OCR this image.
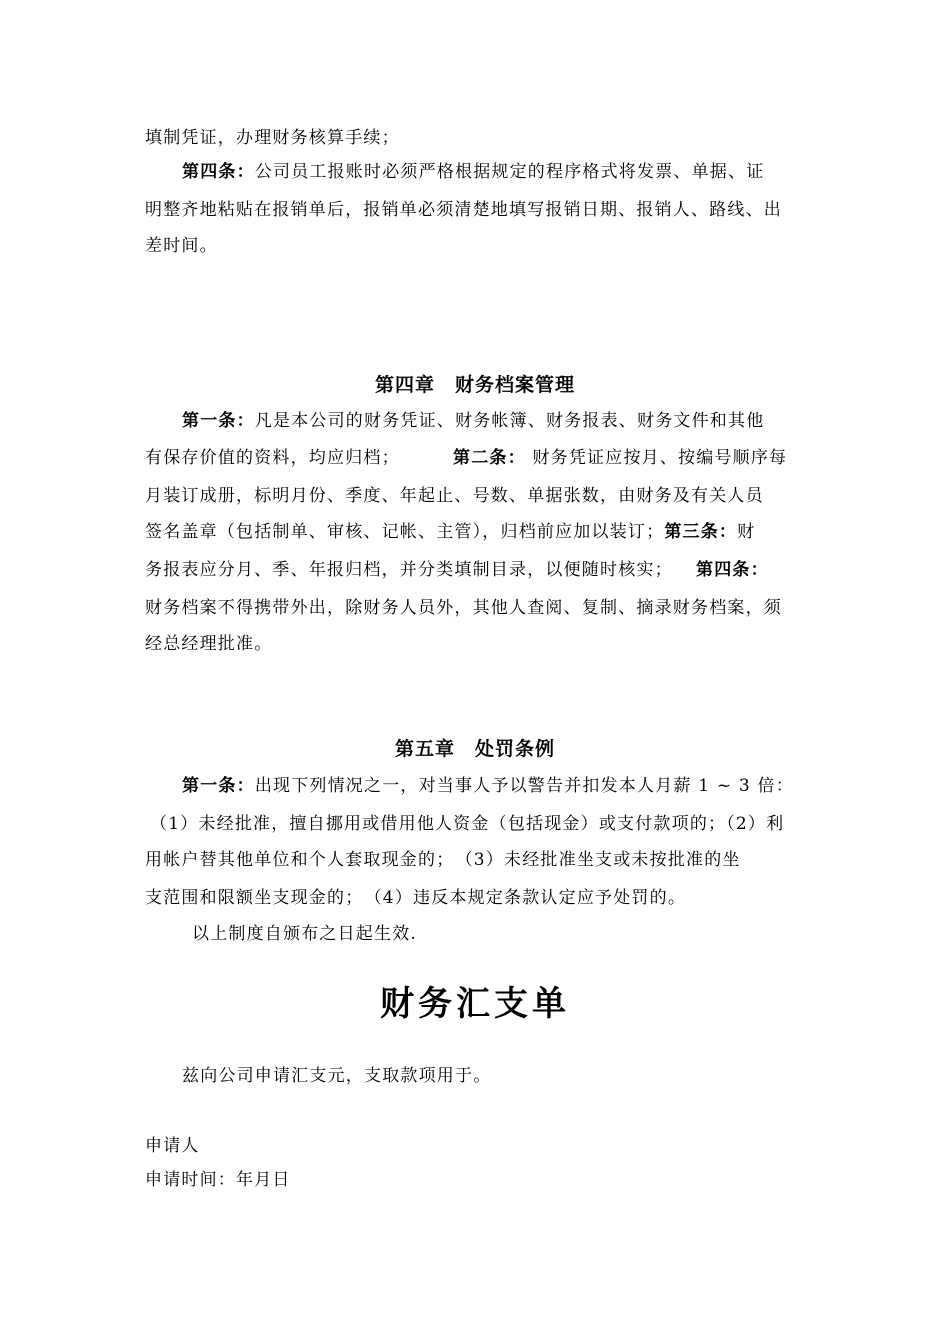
填制凭证，办理财务核算手续；
第四条：公司员工报账时必须严格根据规定的程序格式将发票、单据、证
明整齐地粘贴在报销单后，报销单必须清楚地填写报销日期、报销人、路线、出
差时间。
第四章　财务档案管理
第一条：凡是本公司的财务凭证、财务帐簿、财务报表、财务文件和其他
有保存价值的资料，均应归档；	第二条： 财务凭证应按月、按编号顺序每
月装订成册，标明月份、季度、年起止、号数、单据张数，由财务及有关人员
签名盖章（包括制单、审核、记帐、主管），归档前应加以装订；第三条：财
务报表应分月、季、年报归档，并分类填制目录，以便随时核实； 第四条：
财务档案不得携带外出，除财务人员外，其他人查阅、复制、摘录财务档案，须
经总经理批准。
第五章　处罚条例
第一条：出现下列情况之一，对当事人予以警告并扣发本人月薪 1 ~ 3 倍：
（1）未经批准，擅自挪用或借用他人资金（包括现金）或支付款项的；（2）利
用帐户替其他单位和个人套取现金的；　（3）未经批准坐支或未按批准的坐
支范围和限额坐支现金的；　（4）违反本规定条款认定应予处罚的。
以上制度自颁布之日起生效.
财务汇支单
兹向公司申请汇支元，支取款项用于。
申请人
申请时间：年月日
